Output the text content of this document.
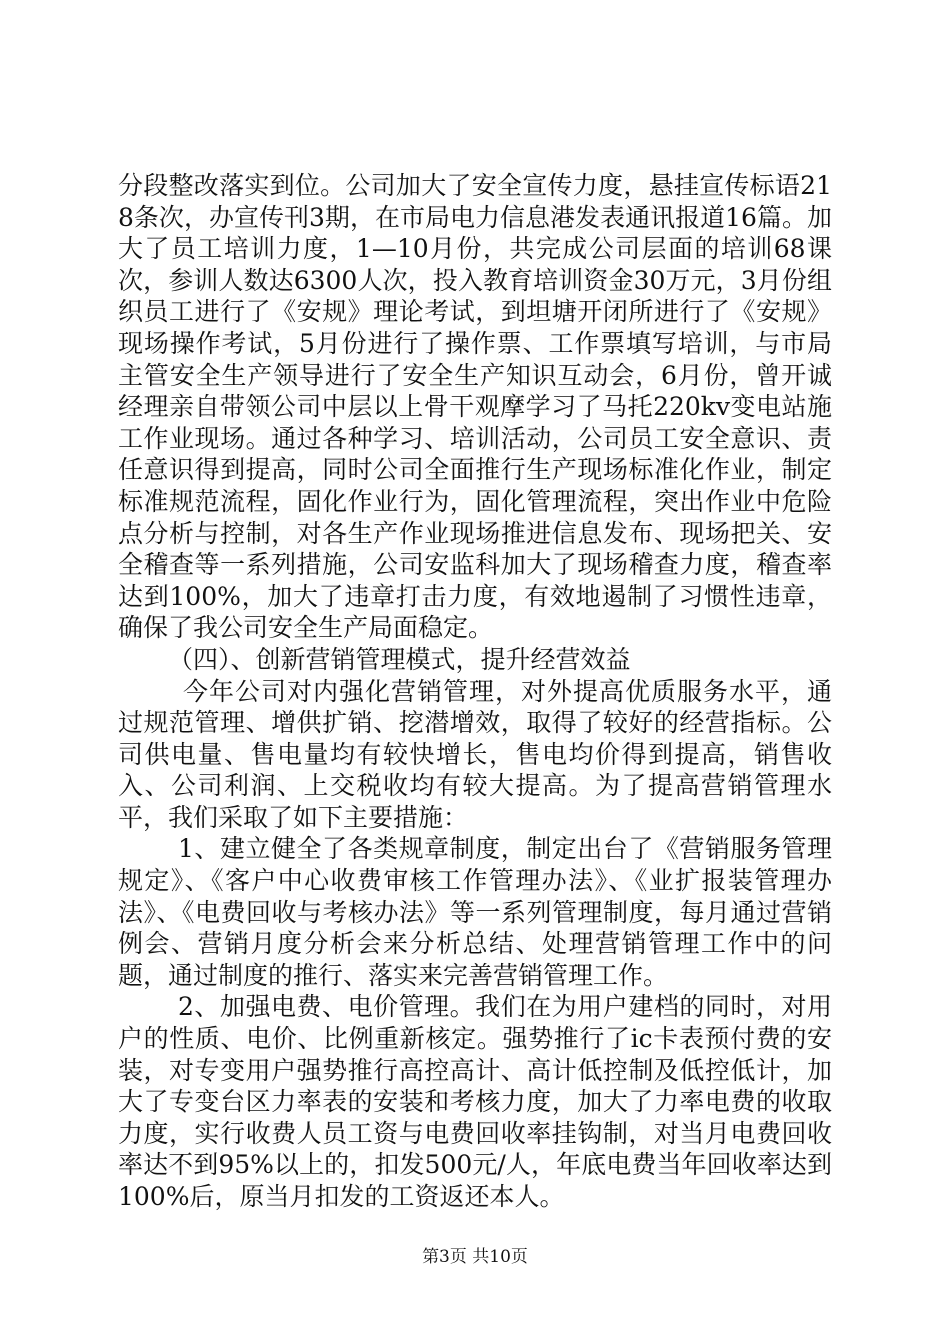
分段整改落实到位。公司加大了安全宣传力度，悬挂宣传标语218条次，办宣传刊3期，在市局电力信息港发表通讯报道16篇。加大了员工培训力度，1—10月份，共完成公司层面的培训68课次，参训人数达6300人次，投入教育培训资金30万元，3月份组织员工进行了《安规》理论考试，到坦塘开闭所进行了《安规》现场操作考试，5月份进行了操作票、工作票填写培训，与市局主管安全生产领导进行了安全生产知识互动会，6月份，曾开诚经理亲自带领公司中层以上骨干观摩学习了马托220kv变电站施工作业现场。通过各种学习、培训活动，公司员工安全意识、责任意识得到提高，同时公司全面推行生产现场标准化作业，制定标准规范流程，固化作业行为，固化管理流程，突出作业中危险点分析与控制，对各生产作业现场推进信息发布、现场把关、安全稽查等一系列措施，公司安监科加大了现场稽查力度，稽查率达到100%，加大了违章打击力度，有效地遏制了习惯性违章，确保了我公司安全生产局面稳定。

（四）、创新营销管理模式，提升经营效益

今年公司对内强化营销管理，对外提高优质服务水平，通过规范管理、增供扩销、挖潜增效，取得了较好的经营指标。公司供电量、售电量均有较快增长，售电均价得到提高，销售收入、公司利润、上交税收均有较大提高。为了提高营销管理水平，我们采取了如下主要措施：

1、建立健全了各类规章制度，制定出台了《营销服务管理规定》、《客户中心收费审核工作管理办法》、《业扩报装管理办法》、《电费回收与考核办法》等一系列管理制度，每月通过营销例会、营销月度分析会来分析总结、处理营销管理工作中的问题，通过制度的推行、落实来完善营销管理工作。

2、加强电费、电价管理。我们在为用户建档的同时，对用户的性质、电价、比例重新核定。强势推行了ic卡表预付费的安装，对专变用户强势推行高控高计、高计低控制及低控低计，加大了专变台区力率表的安装和考核力度，加大了力率电费的收取力度，实行收费人员工资与电费回收率挂钩制，对当月电费回收率达不到95%以上的，扣发500元/人，年底电费当年回收率达到100%后，原当月扣发的工资返还本人。

第3页 共10页
